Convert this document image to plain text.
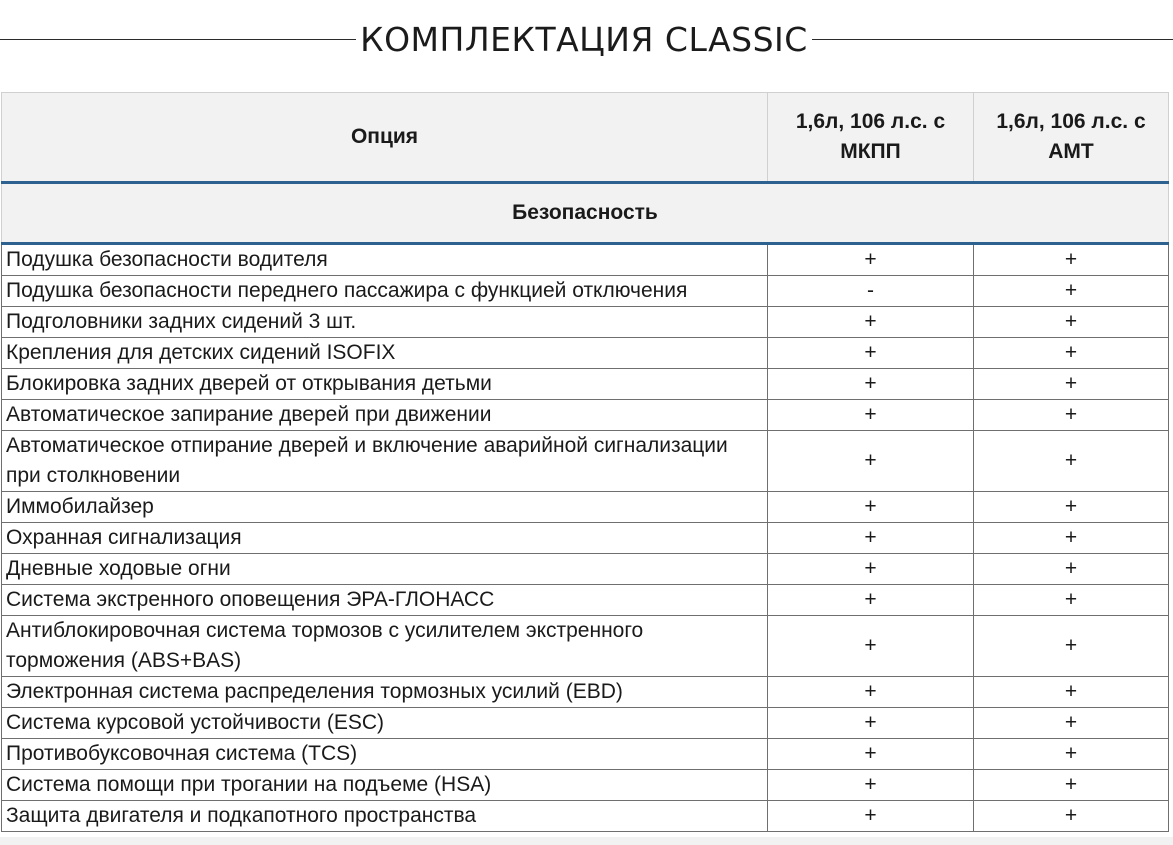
КОМПЛЕКТАЦИЯ CLASSIC
Опция	1,6л, 106 л.с. с МКПП	1,6л, 106 л.с. с АМТ
Безопасность		
Подушка безопасности водителя	+	+
Подушка безопасности переднего пассажира с функцией отключения	-	+
Подголовники задних сидений 3 шт.	+	+
Крепления для детских сидений ISOFIX	+	+
Блокировка задних дверей от открывания детьми	+	+
Автоматическое запирание дверей при движении	+	+
Автоматическое отпирание дверей и включение аварийной сигнализации при столкновении	+	+
Иммобилайзер	+	+
Охранная сигнализация	+	+
Дневные ходовые огни	+	+
Система экстренного оповещения ЭРА-ГЛОНАСС	+	+
Антиблокировочная система тормозов с усилителем экстренного торможения (ABS+BAS)	+	+
Электронная система распределения тормозных усилий (EBD)	+	+
Система курсовой устойчивости (ESC)	+	+
Противобуксовочная система (TCS)	+	+
Система помощи при трогании на подъеме (HSA)	+	+
Защита двигателя и подкапотного пространства	+	+
